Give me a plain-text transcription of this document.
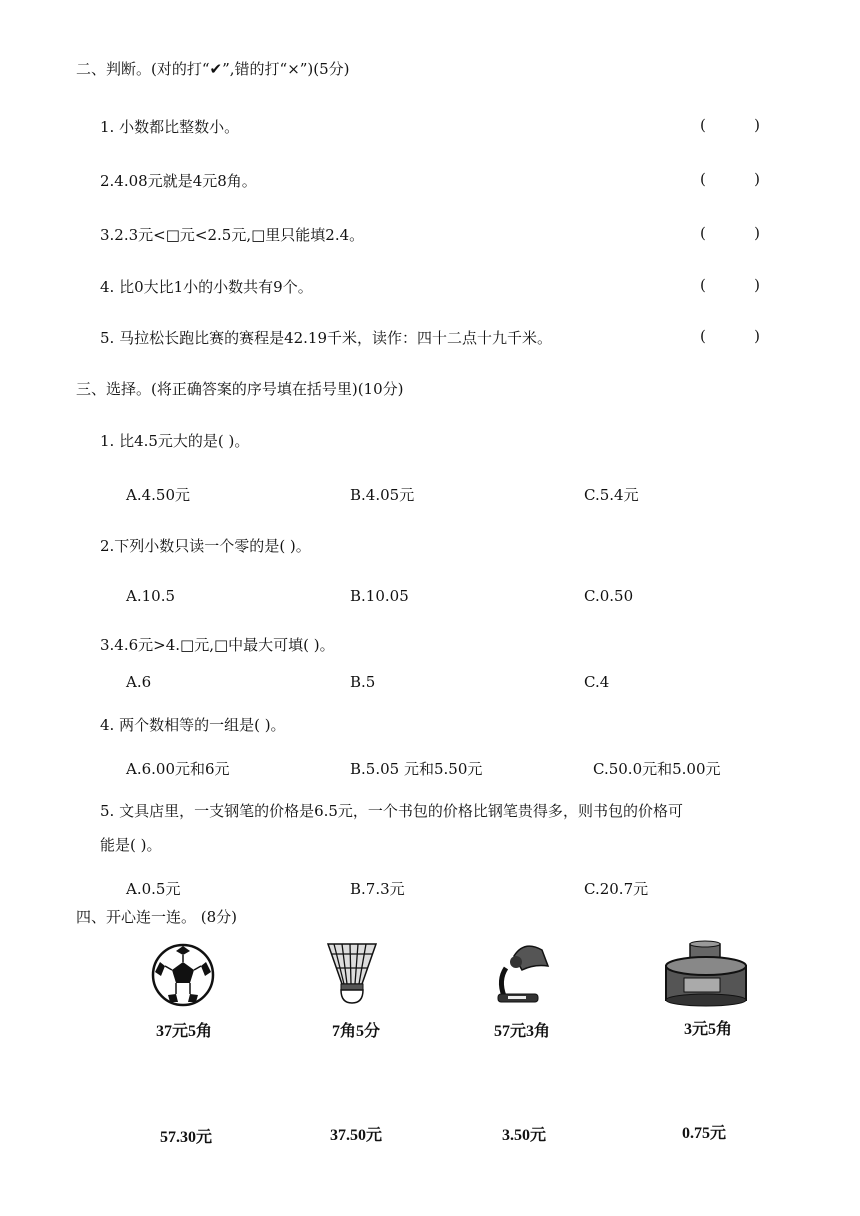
二、判断。(对的打“✔”,错的打“×”)(5分)
1. 小数都比整数小。	(	)
2.4.08元就是4元8角。	(	)
3.2.3元<□元<2.5元,□里只能填2.4。	(	)
4. 比0大比1小的小数共有9个。	(	)
5. 马拉松长跑比赛的赛程是42.19千米，读作：四十二点十九千米。	(	)
三、选择。(将正确答案的序号填在括号里)(10分)
1. 比4.5元大的是( )。
A.4.50元	B.4.05元	C.5.4元
2.下列小数只读一个零的是( )。
A.10.5	B.10.05	C.0.50
3.4.6元>4.□元,□中最大可填( )。
A.6	B.5	C.4
4. 两个数相等的一组是( )。
A.6.00元和6元	B.5.05 元和5.50元	C.50.0元和5.00元
5. 文具店里，一支钢笔的价格是6.5元，一个书包的价格比钢笔贵得多，则书包的价格可
能是( )。
A.0.5元	B.7.3元	C.20.7元
四、开心连一连。 (8分)
37元5角	7角5分	57元3角	3元5角
57.30元	37.50元	3.50元	0.75元
